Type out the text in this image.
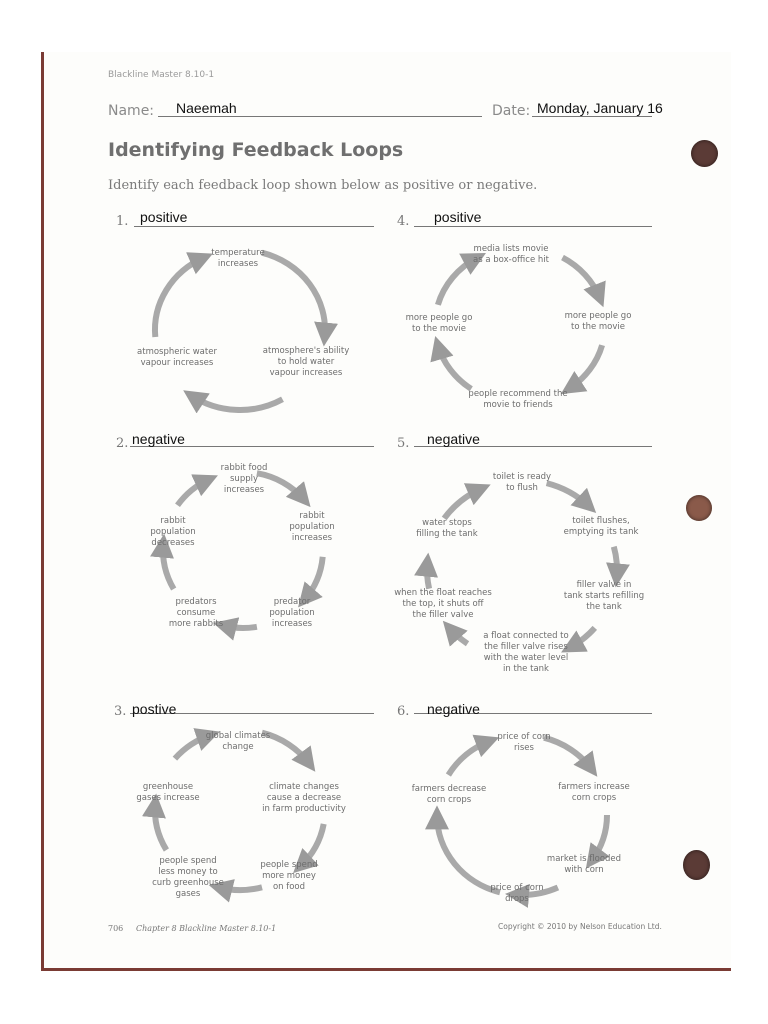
Blackline Master 8.10-1
Name: Naeemah	Date: Monday, January 16
Identifying Feedback Loops
Identify each feedback loop shown below as positive or negative.
1. positive	4. positive
2. negative	5. negative
3. postive	6. negative
temperature
increases
atmosphere's ability
to hold water
vapour increases
atmospheric water
vapour increases
media lists movie
as a box-office hit
more people go
to the movie
people recommend the
movie to friends
more people go
to the movie
rabbit food
supply
increases
rabbit
population
increases
predator
population
increases
predators
consume
more rabbits
rabbit
population
decreases
toilet is ready
to flush
toilet flushes,
emptying its tank
filler valve in
tank starts refilling
the tank
a float connected to
the filler valve rises
with the water level
in the tank
when the float reaches
the top, it shuts off
the filler valve
water stops
filling the tank
global climates
change
climate changes
cause a decrease
in farm productivity
people spend
more money
on food
people spend
less money to
curb greenhouse
gases
greenhouse
gases increase
price of corn
rises
farmers increase
corn crops
market is flooded
with corn
price of corn
drops
farmers decrease
corn crops
706 Chapter 8 Blackline Master 8.10-1	Copyright © 2010 by Nelson Education Ltd.
